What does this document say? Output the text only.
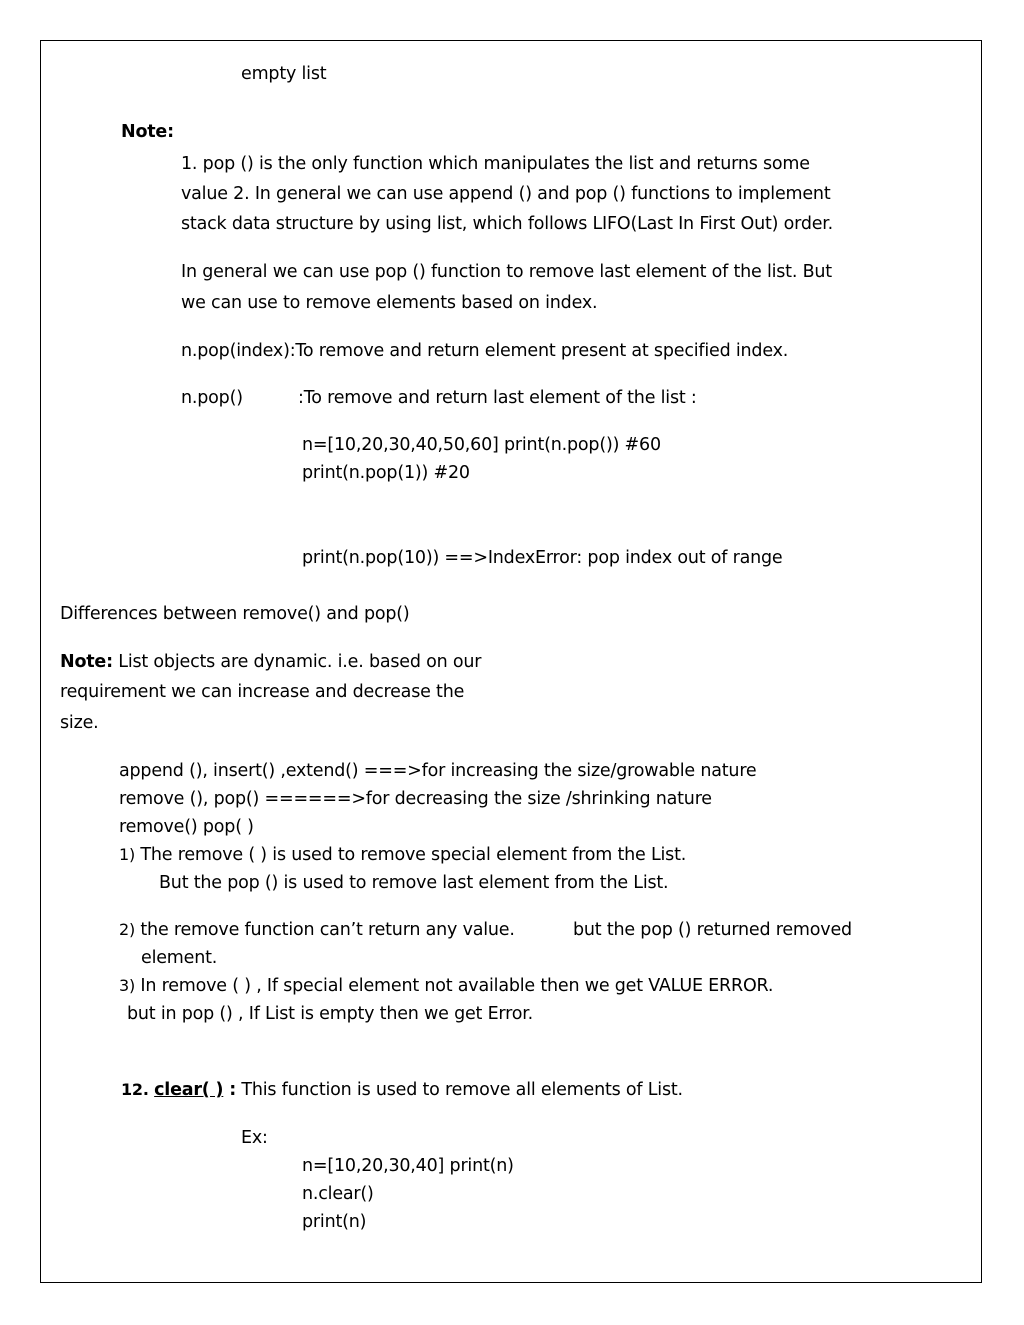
empty list
Note:
1. pop () is the only function which manipulates the list and returns some
value 2. In general we can use append () and pop () functions to implement
stack data structure by using list, which follows LIFO(Last In First Out) order.
In general we can use pop () function to remove last element of the list. But
we can use to remove elements based on index.
n.pop(index):To remove and return element present at specified index.
n.pop()	:To remove and return last element of the list :
n=[10,20,30,40,50,60] print(n.pop()) #60
print(n.pop(1)) #20
print(n.pop(10)) ==>IndexError: pop index out of range
Differences between remove() and pop()
Note: List objects are dynamic. i.e. based on our
requirement we can increase and decrease the
size.
append (), insert() ,extend() ===>for increasing the size/growable nature
remove (), pop() ======>for decreasing the size /shrinking nature
remove() pop( )
1) The remove ( ) is used to remove special element from the List.
But the pop () is used to remove last element from the List.
2) the remove function can’t return any value.	but the pop () returned removed
element.
3) In remove ( ) , If special element not available then we get VALUE ERROR.
but in pop () , If List is empty then we get Error.
12. clear( ) : This function is used to remove all elements of List.
Ex:
n=[10,20,30,40] print(n)
n.clear()
print(n)
